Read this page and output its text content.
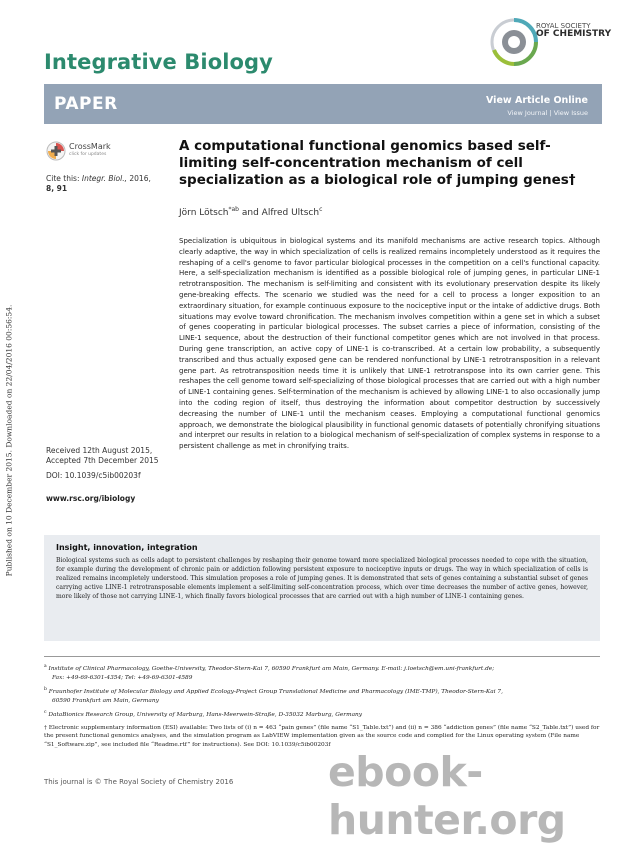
Published on 10 December 2015. Downloaded on 22/04/2016 00:56:54.
Integrative Biology
ROYAL SOCIETY
OF CHEMISTRY
PAPER	View Article Online
View Journal | View Issue
CrossMark
click for updates
Cite this: Integr. Biol., 2016,
8, 91
A computational functional genomics based self-limiting self-concentration mechanism of cell specialization as a biological role of jumping genes†
Jörn Lötsch$^{*ab}$ and Alfred Ultsch$^c$

Specialization is ubiquitous in biological systems and its manifold mechanisms are active research topics. Although clearly adaptive, the way in which specialization of cells is realized remains incompletely understood as it requires the reshaping of a cell's genome to favor particular biological processes in the competition on a cell's functional capacity. Here, a self-specialization mechanism is identified as a possible biological role of jumping genes, in particular LINE-1 retrotransposition. The mechanism is self-limiting and consistent with its evolutionary preservation despite its likely gene-breaking effects. The scenario we studied was the need for a cell to process a longer exposition to an extraordinary situation, for example continuous exposure to the nociceptive input or the intake of addictive drugs. Both situations may evolve toward chronification. The mechanism involves competition within a gene set in which a subset of genes cooperating in particular biological processes. The subset carries a piece of information, consisting of the LINE-1 sequence, about the destruction of their functional competitor genes which are not involved in that process. During gene transcription, an active copy of LINE-1 is co-transcribed. At a certain low probability, a subsequently transcribed and thus actually exposed gene can be rendered nonfunctional by LINE-1 retrotransposition in a relevant gene part. As retrotransposition needs time it is unlikely that LINE-1 retrotranspose into its own carrier gene. This reshapes the cell genome toward self-specializing of those biological processes that are carried out with a high number of LINE-1 containing genes. Self-termination of the mechanism is achieved by allowing LINE-1 to also occasionally jump into the coding region of itself, thus destroying the information about competitor destruction by successively decreasing the number of LINE-1 until the mechanism ceases. Employing a computational functional genomics approach, we demonstrate the biological plausibility in functional genomic datasets of potentially chronifying situations and interpret our results in relation to a biological mechanism of self-specialization of complex systems in response to a persistent challenge as met in chronifying traits.

Received 12th August 2015,
Accepted 7th December 2015
DOI: 10.1039/c5ib00203f
www.rsc.org/ibiology
Insight, innovation, integration

Biological systems such as cells adapt to persistent challenges by reshaping their genome toward more specialized biological processes needed to cope with the situation, for example during the development of chronic pain or addiction following persistent exposure to nociceptive inputs or drugs. The way in which specialization of cells is realized remains incompletely understood. This simulation proposes a role of jumping genes. It is demonstrated that sets of genes containing a substantial subset of genes carrying active LINE-1 retrotransposable elements implement a self-limiting self-concentration process, which over time decreases the number of active genes, however, more likely of those not carrying LINE-1, which finally favors biological processes that are carried out with a high number of LINE-1 containing genes.

$^a$ Institute of Clinical Pharmacology, Goethe-University, Theodor-Stern-Kai 7, 60590 Frankfurt am Main, Germany. E-mail: j.loetsch@em.uni-frankfurt.de;
Fax: +49-69-6301-4354; Tel: +49-69-6301-4589
$^b$ Fraunhofer Institute of Molecular Biology and Applied Ecology-Project Group Translational Medicine and Pharmacology (IME-TMP), Theodor-Stern-Kai 7,
60590 Frankfurt am Main, Germany
$^c$ DataBionics Research Group, University of Marburg, Hans-Meerwein-Straße, D-35032 Marburg, Germany
† Electronic supplementary information (ESI) available: Two lists of (i) n = 463 “pain genes” (file name “S1_Table.txt”) and (ii) n = 386 “addiction genes” (file name “S2_Table.txt”) used for the present functional genomics analyses, and the simulation program as LabVIEW implementation given as the source code and complied for the Linux operating system (File name “S1_Software.zip”, see included file “Readme.rtf” for instructions). See DOI: 10.1039/c5ib00203f
This journal is © The Royal Society of Chemistry 2016 ebook-hunter.org
